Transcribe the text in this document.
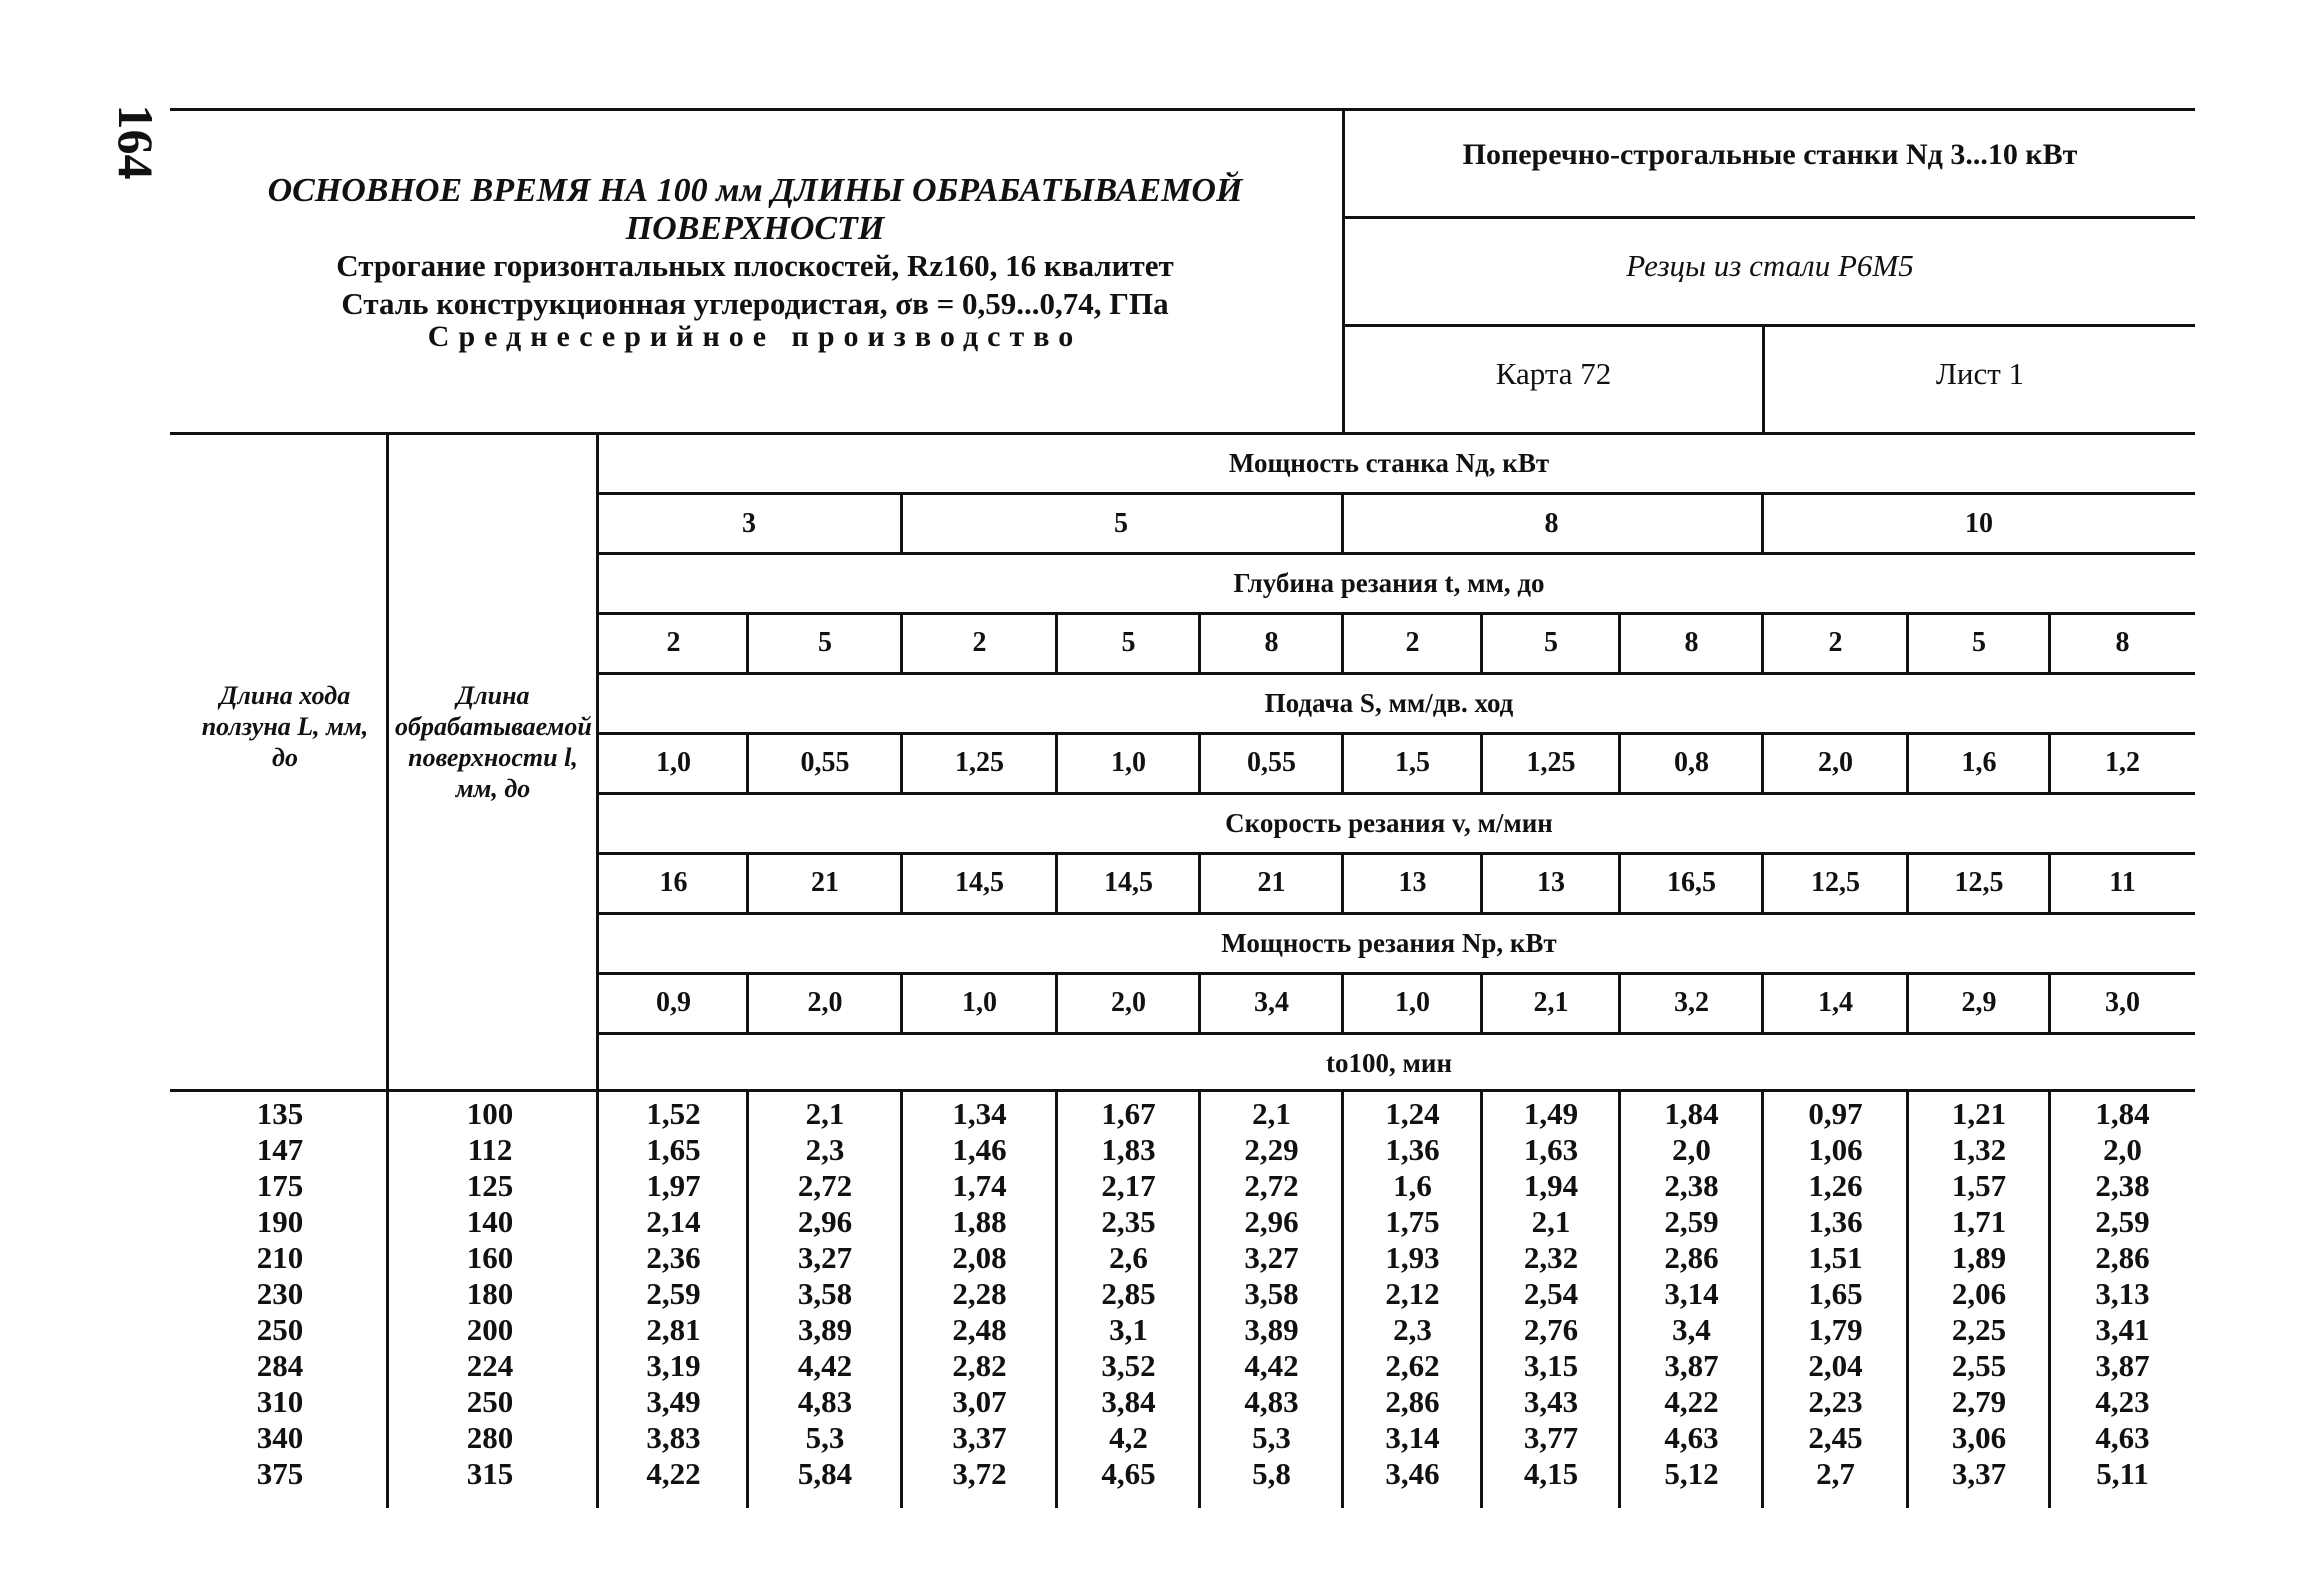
164
ОСНОВНОЕ ВРЕМЯ НА 100 мм ДЛИНЫ ОБРАБАТЫВАЕМОЙ
ПОВЕРХНОСТИ
Строгание горизонтальных плоскостей, Rz160, 16 квалитет
Сталь конструкционная углеродистая, σв = 0,59...0,74, ГПа
Среднесерийное производство
Поперечно-строгальные станки Nд 3...10 кВт
Резцы из стали Р6М5
Карта 72	Лист 1
Длина хода ползуна L, мм, до
Длина обрабатываемой поверхности l, мм, до
Мощность станка Nд, кВт
Глубина резания t, мм, до
Подача S, мм/дв. ход
Скорость резания v, м/мин
Мощность резания Nр, кВт
tо100, мин
3	5	8	10
2	5	2	5	8	2	5	8	2	5	8
1,0	0,55	1,25	1,0	0,55	1,5	1,25	0,8	2,0	1,6	1,2
16	21	14,5	14,5	21	13	13	16,5	12,5	12,5	11
0,9	2,0	1,0	2,0	3,4	1,0	2,1	3,2	1,4	2,9	3,0
135	100	1,52	2,1	1,34	1,67	2,1	1,24	1,49	1,84	0,97	1,21	1,84
147	112	1,65	2,3	1,46	1,83	2,29	1,36	1,63	2,0	1,06	1,32	2,0
175	125	1,97	2,72	1,74	2,17	2,72	1,6	1,94	2,38	1,26	1,57	2,38
190	140	2,14	2,96	1,88	2,35	2,96	1,75	2,1	2,59	1,36	1,71	2,59
210	160	2,36	3,27	2,08	2,6	3,27	1,93	2,32	2,86	1,51	1,89	2,86
230	180	2,59	3,58	2,28	2,85	3,58	2,12	2,54	3,14	1,65	2,06	3,13
250	200	2,81	3,89	2,48	3,1	3,89	2,3	2,76	3,4	1,79	2,25	3,41
284	224	3,19	4,42	2,82	3,52	4,42	2,62	3,15	3,87	2,04	2,55	3,87
310	250	3,49	4,83	3,07	3,84	4,83	2,86	3,43	4,22	2,23	2,79	4,23
340	280	3,83	5,3	3,37	4,2	5,3	3,14	3,77	4,63	2,45	3,06	4,63
375	315	4,22	5,84	3,72	4,65	5,8	3,46	4,15	5,12	2,7	3,37	5,11
